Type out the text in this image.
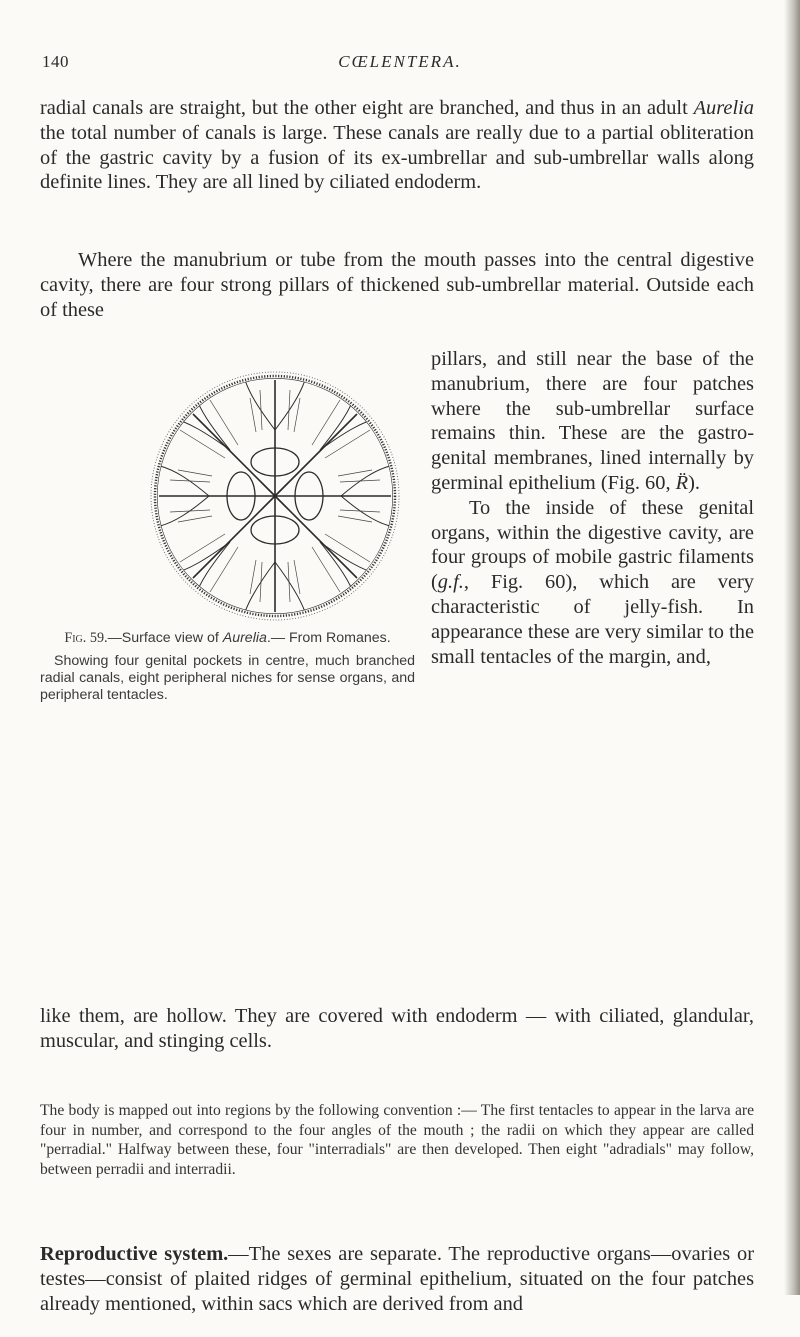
140	CŒLENTERA.

radial canals are straight, but the other eight are branched, and thus in an adult Aurelia the total number of canals is large. These canals are really due to a partial obliteration of the gastric cavity by a fusion of its ex-umbrellar and sub-umbrellar walls along definite lines. They are all lined by ciliated endoderm.

Where the manubrium or tube from the mouth passes into the central digestive cavity, there are four strong pillars of thickened sub-umbrellar material. Outside each of these

Fig. 59.—Surface view of Aurelia.— From Romanes.
Showing four genital pockets in centre, much branched radial canals, eight peripheral niches for sense organs, and peripheral tentacles.

pillars, and still near the base of the manubrium, there are four patches where the sub-umbrellar surface remains thin. These are the gastro-genital membranes, lined internally by germinal epithelium (Fig. 60, R̈).

To the inside of these genital organs, within the digestive cavity, are four groups of mobile gastric filaments (g.f., Fig. 60), which are very characteristic of jelly-fish. In appearance these are very similar to the small tentacles of the margin, and,

like them, are hollow. They are covered with endoderm — with ciliated, glandular, muscular, and stinging cells.

The body is mapped out into regions by the following convention :— The first tentacles to appear in the larva are four in number, and correspond to the four angles of the mouth ; the radii on which they appear are called "perradial." Halfway between these, four "interradials" are then developed. Then eight "adradials" may follow, between perradii and interradii.

Reproductive system.—The sexes are separate. The reproductive organs—ovaries or testes—consist of plaited ridges of germinal epithelium, situated on the four patches already mentioned, within sacs which are derived from and
